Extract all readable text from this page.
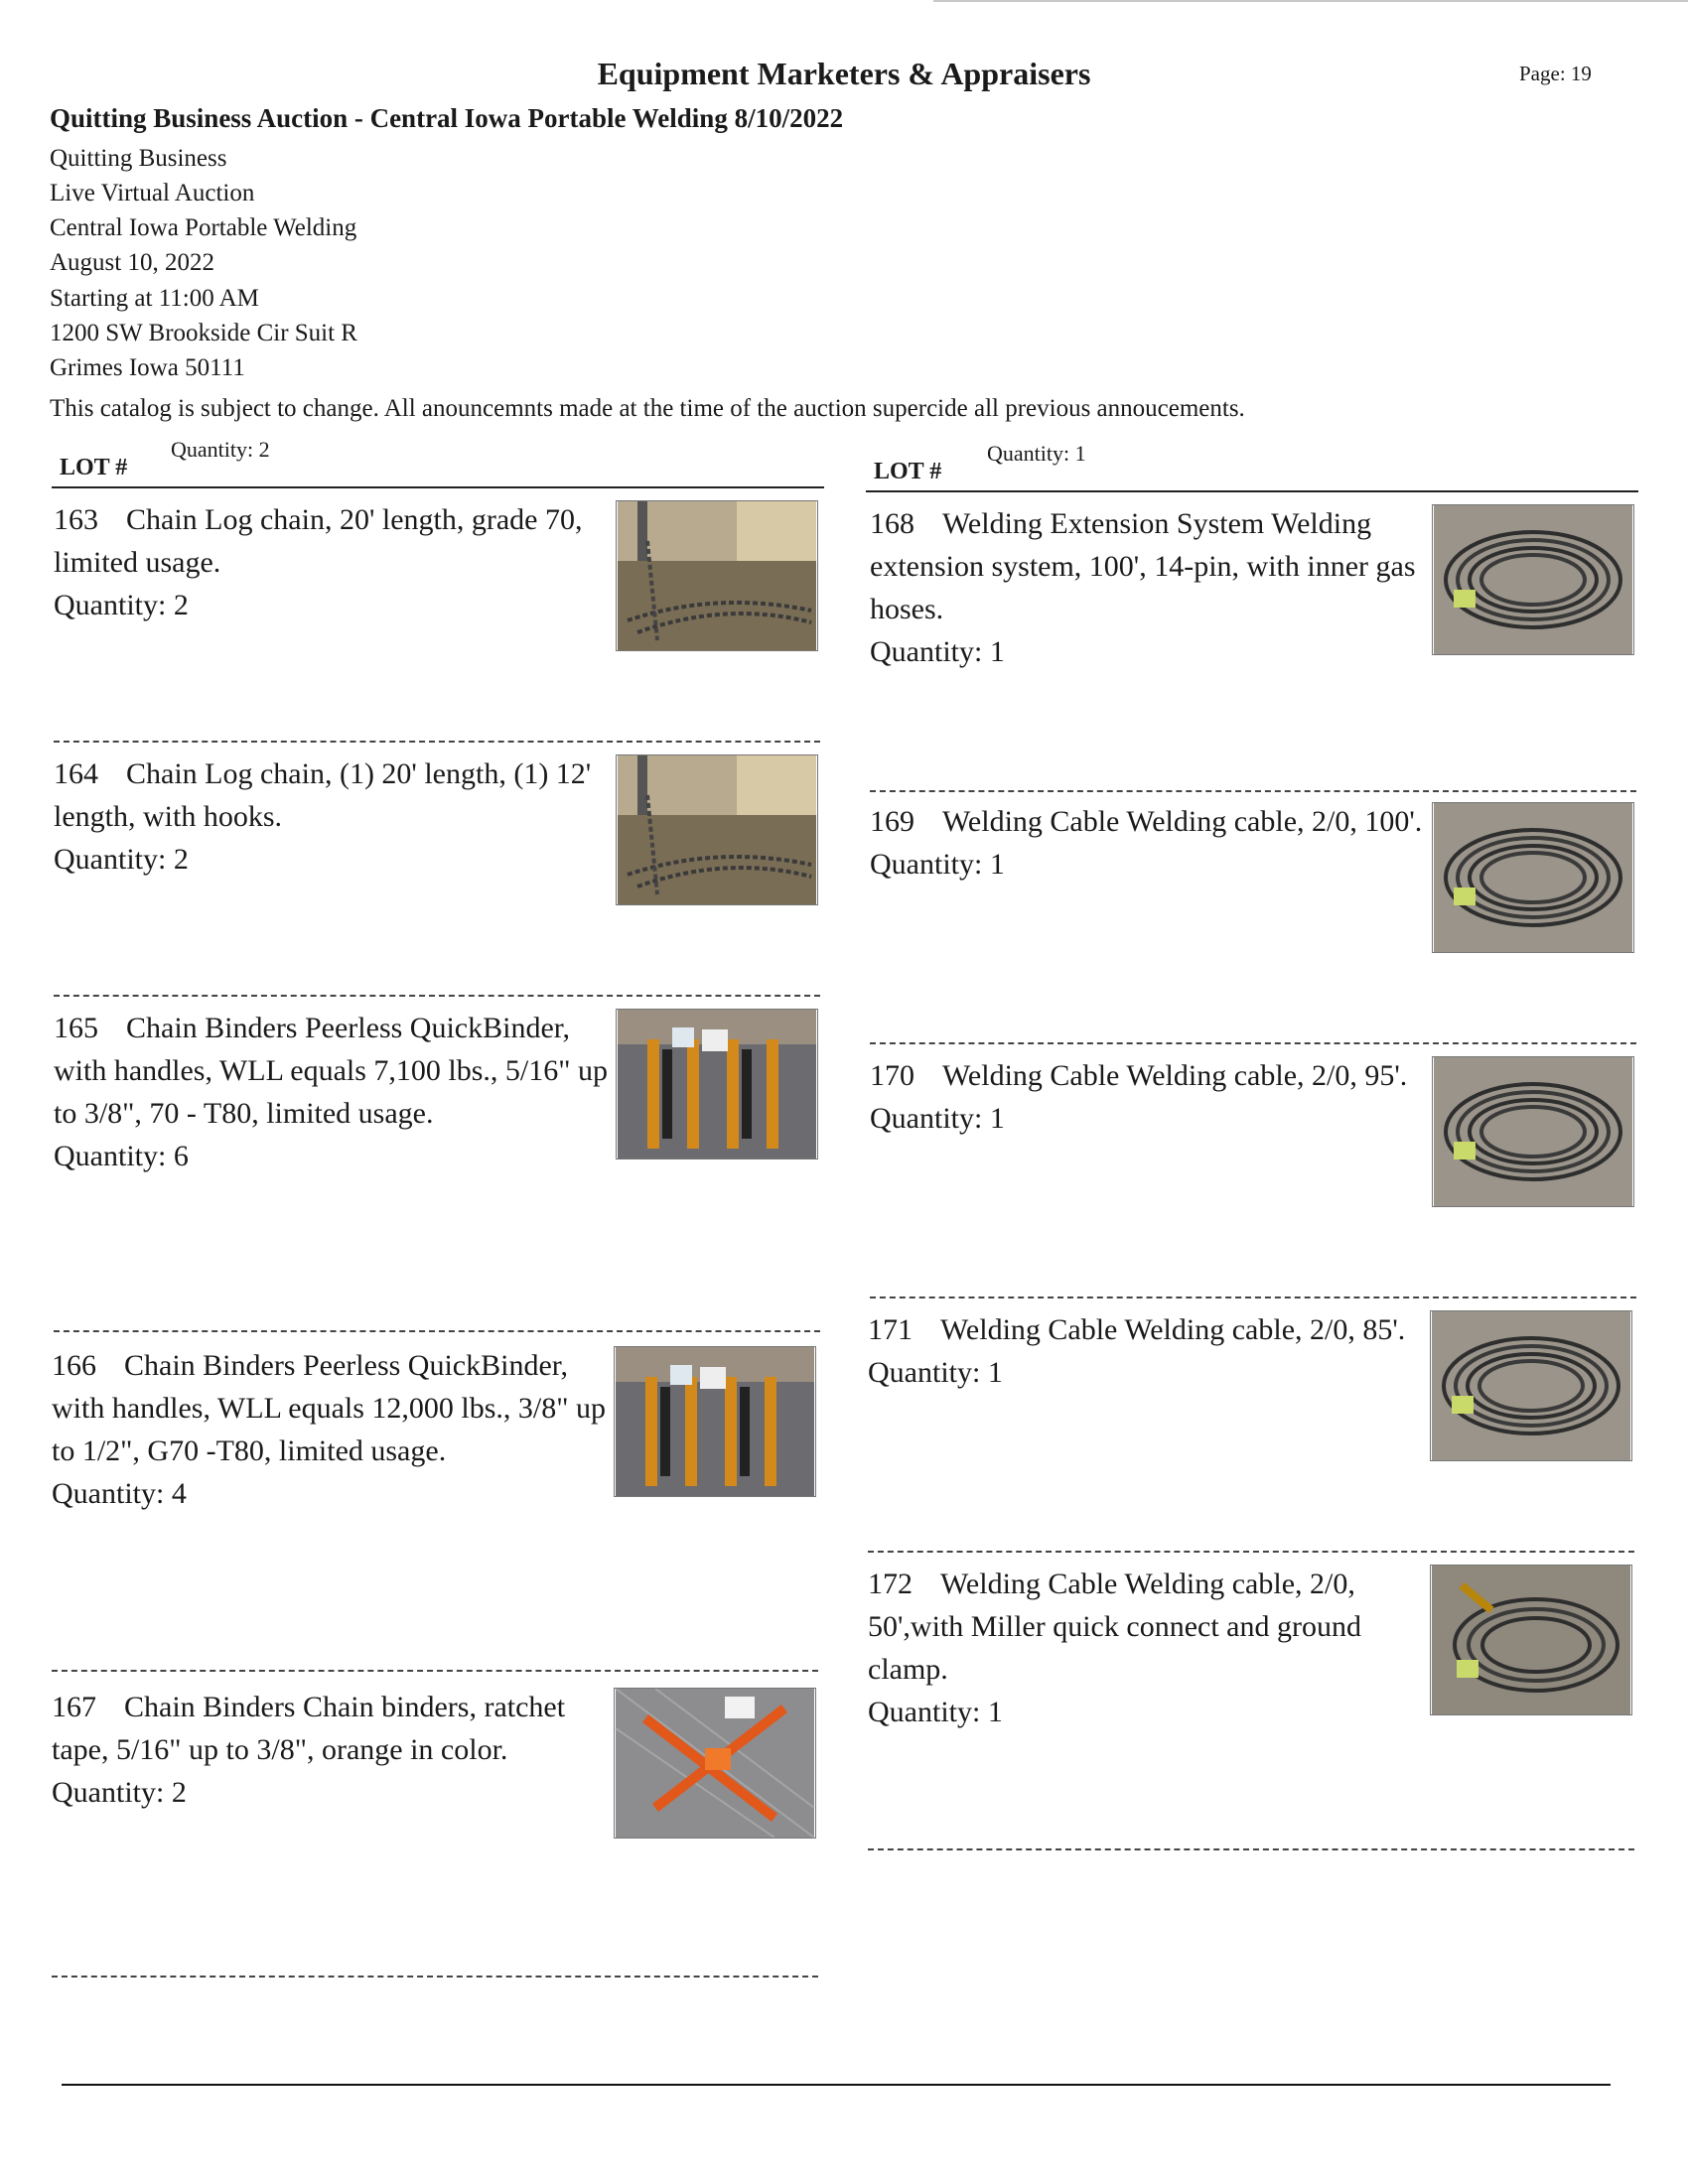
Equipment Marketers & Appraisers	Page: 19
Quitting Business Auction - Central Iowa Portable Welding 8/10/2022
Quitting Business
Live Virtual Auction
Central Iowa Portable Welding
August 10, 2022
Starting at 11:00 AM
1200 SW Brookside Cir Suit R
Grimes Iowa 50111
This catalog is subject to change. All anouncemnts made at the time of the auction supercide all previous annoucements.
LOT #
Quantity: 2
LOT #
Quantity: 1
163 Chain Log chain, 20' length, grade 70, limited usage.
Quantity: 2
164 Chain Log chain, (1) 20' length, (1) 12' length, with hooks.
Quantity: 2
165 Chain Binders Peerless QuickBinder, with handles, WLL equals 7,100 lbs., 5/16" up to 3/8", 70 - T80, limited usage.
Quantity: 6
166 Chain Binders Peerless QuickBinder, with handles, WLL equals 12,000 lbs., 3/8" up to 1/2", G70 -T80, limited usage.
Quantity: 4
167 Chain Binders Chain binders, ratchet tape, 5/16" up to 3/8", orange in color.
Quantity: 2
168 Welding Extension System Welding extension system, 100', 14-pin, with inner gas hoses.
Quantity: 1
169 Welding Cable Welding cable, 2/0, 100'.
Quantity: 1
170 Welding Cable Welding cable, 2/0, 95'.
Quantity: 1
171 Welding Cable Welding cable, 2/0, 85'.
Quantity: 1
172 Welding Cable Welding cable, 2/0, 50',with Miller quick connect and ground clamp.
Quantity: 1
